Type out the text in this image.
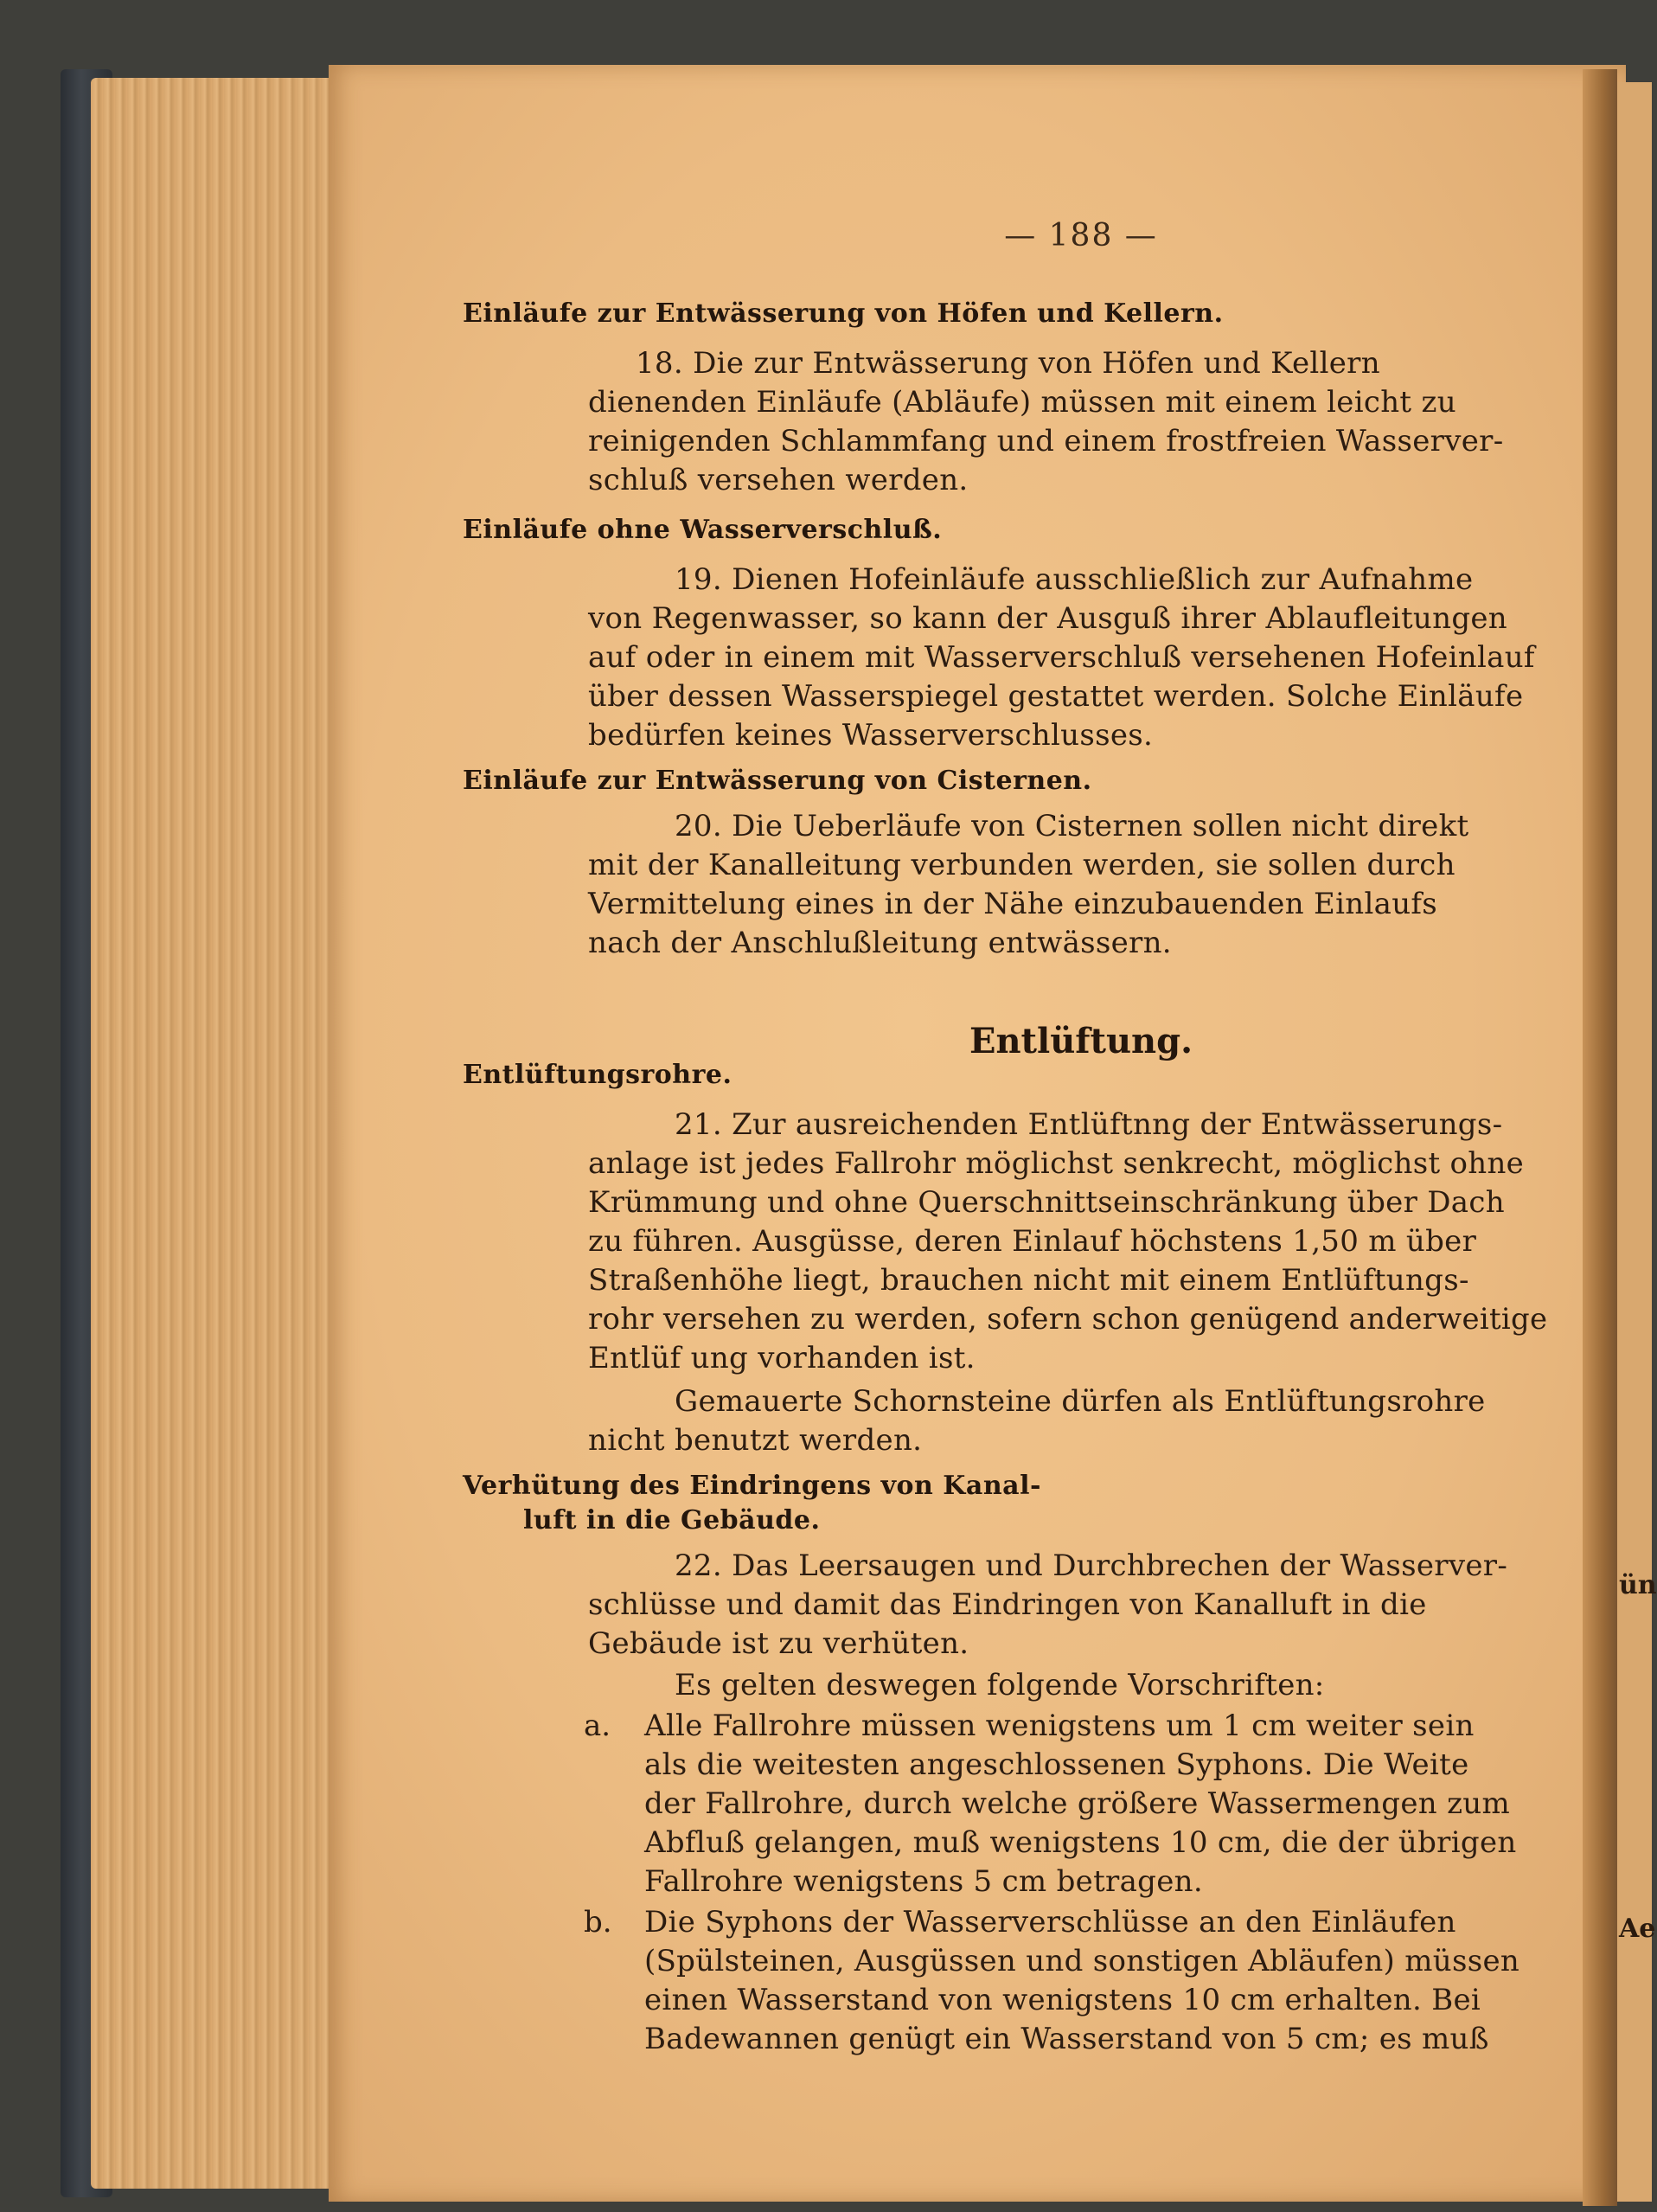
ün
Ae
— 188 —
Einläufe zur Entwässerung von Höfen und Kellern.
18. Die zur Entwässerung von Höfen und Kellern
dienenden Einläufe (Abläufe) müssen mit einem leicht zu
reinigenden Schlammfang und einem frostfreien Wasserver-
schluß versehen werden.
Einläufe ohne Wasserverschluß.
19. Dienen Hofeinläufe ausschließlich zur Aufnahme
von Regenwasser, so kann der Ausguß ihrer Ablaufleitungen
auf oder in einem mit Wasserverschluß versehenen Hofeinlauf
über dessen Wasserspiegel gestattet werden. Solche Einläufe
bedürfen keines Wasserverschlusses.
Einläufe zur Entwässerung von Cisternen.
20. Die Ueberläufe von Cisternen sollen nicht direkt
mit der Kanalleitung verbunden werden, sie sollen durch
Vermittelung eines in der Nähe einzubauenden Einlaufs
nach der Anschlußleitung entwässern.
Entlüftung.
Entlüftungsrohre.
21. Zur ausreichenden Entlüftnng der Entwässerungs-
anlage ist jedes Fallrohr möglichst senkrecht, möglichst ohne
Krümmung und ohne Querschnittseinschränkung über Dach
zu führen. Ausgüsse, deren Einlauf höchstens 1,50 m über
Straßenhöhe liegt, brauchen nicht mit einem Entlüftungs-
rohr versehen zu werden, sofern schon genügend anderweitige
Entlüf ung vorhanden ist.
Gemauerte Schornsteine dürfen als Entlüftungsrohre
nicht benutzt werden.
Verhütung des Eindringens von Kanal-
luft in die Gebäude.
22. Das Leersaugen und Durchbrechen der Wasserver-
schlüsse und damit das Eindringen von Kanalluft in die
Gebäude ist zu verhüten.
Es gelten deswegen folgende Vorschriften:
a. Alle Fallrohre müssen wenigstens um 1 cm weiter sein
als die weitesten angeschlossenen Syphons. Die Weite
der Fallrohre, durch welche größere Wassermengen zum
Abfluß gelangen, muß wenigstens 10 cm, die der übrigen
Fallrohre wenigstens 5 cm betragen.
b. Die Syphons der Wasserverschlüsse an den Einläufen
(Spülsteinen, Ausgüssen und sonstigen Abläufen) müssen
einen Wasserstand von wenigstens 10 cm erhalten. Bei
Badewannen genügt ein Wasserstand von 5 cm; es muß
